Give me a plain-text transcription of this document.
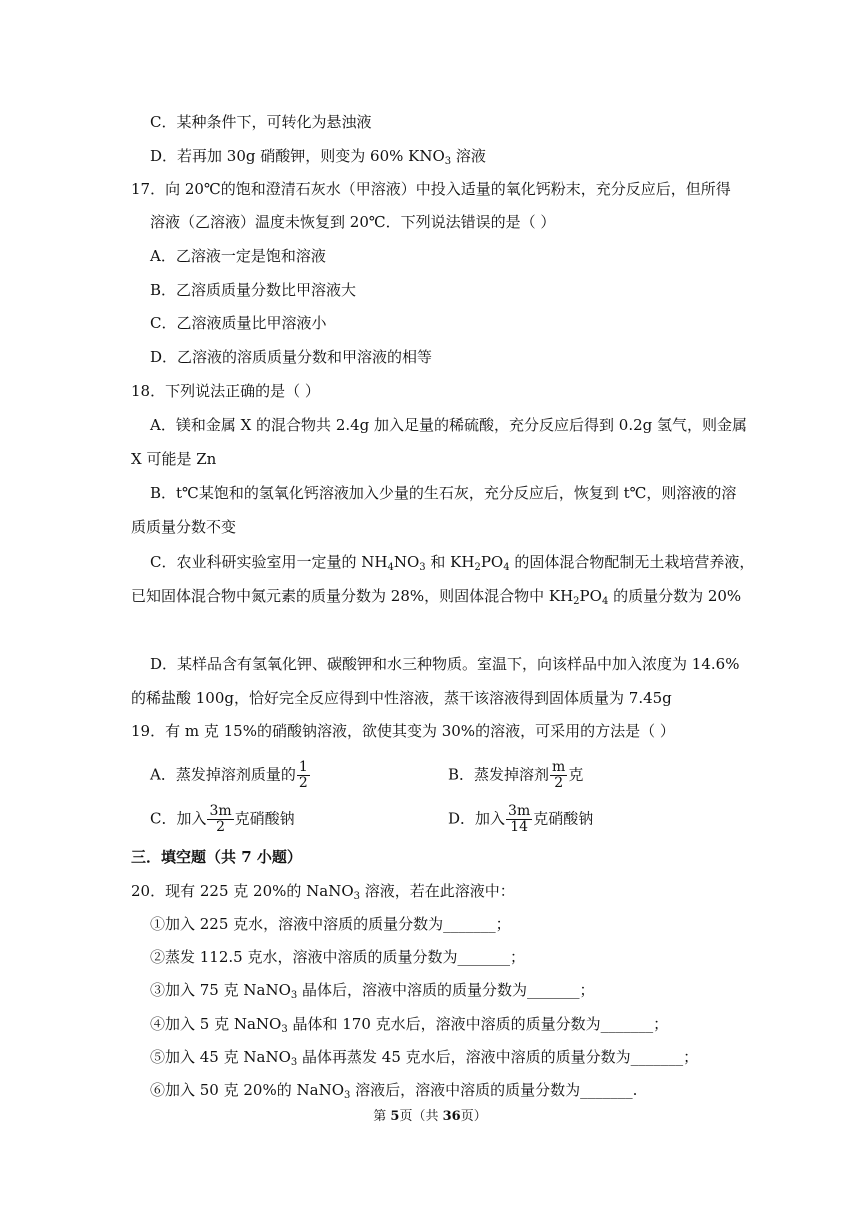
C．某种条件下，可转化为悬浊液
D．若再加 30g 硝酸钾，则变为 60% $KNO_3$ 溶液
17．向 20℃的饱和澄清石灰水（甲溶液）中投入适量的氧化钙粉末，充分反应后，但所得
溶液（乙溶液）温度未恢复到 20℃．下列说法错误的是（ ）
A．乙溶液一定是饱和溶液
B．乙溶质质量分数比甲溶液大
C．乙溶液质量比甲溶液小
D．乙溶液的溶质质量分数和甲溶液的相等
18．下列说法正确的是（ ）
A．镁和金属 X 的混合物共 2.4g 加入足量的稀硫酸，充分反应后得到 0.2g 氢气，则金属
X 可能是 Zn
B．t℃某饱和的氢氧化钙溶液加入少量的生石灰，充分反应后，恢复到 t℃，则溶液的溶
质质量分数不变
C．农业科研实验室用一定量的 $NH_4NO_3$ 和 $KH_2PO_4$ 的固体混合物配制无土栽培营养液，
已知固体混合物中氮元素的质量分数为 28%，则固体混合物中 $KH_2PO_4$ 的质量分数为 20%
D．某样品含有氢氧化钾、碳酸钾和水三种物质。室温下，向该样品中加入浓度为 14.6%
的稀盐酸 100g，恰好完全反应得到中性溶液，蒸干该溶液得到固体质量为 7.45g
19．有 m 克 15%的硝酸钠溶液，欲使其变为 30%的溶液，可采用的方法是（ ）
A．蒸发掉溶剂质量的 $\frac{1}{2}$	B．蒸发掉溶剂 $\frac{m}{2}$ 克
C．加入 $\frac{3m}{2}$ 克硝酸钠	D．加入 $\frac{3m}{14}$ 克硝酸钠
三．填空题（共 7 小题）
20．现有 225 克 20%的 NaNO$_3$ 溶液，若在此溶液中：
①加入 225 克水，溶液中溶质的质量分数为_______；
②蒸发 112.5 克水，溶液中溶质的质量分数为_______；
③加入 75 克 NaNO$_3$ 晶体后，溶液中溶质的质量分数为_______；
④加入 5 克 NaNO$_3$ 晶体和 170 克水后，溶液中溶质的质量分数为_______；
⑤加入 45 克 NaNO$_3$ 晶体再蒸发 45 克水后，溶液中溶质的质量分数为_______；
⑥加入 50 克 20%的 NaNO$_3$ 溶液后，溶液中溶质的质量分数为_______.
第 5页（共 36页）
